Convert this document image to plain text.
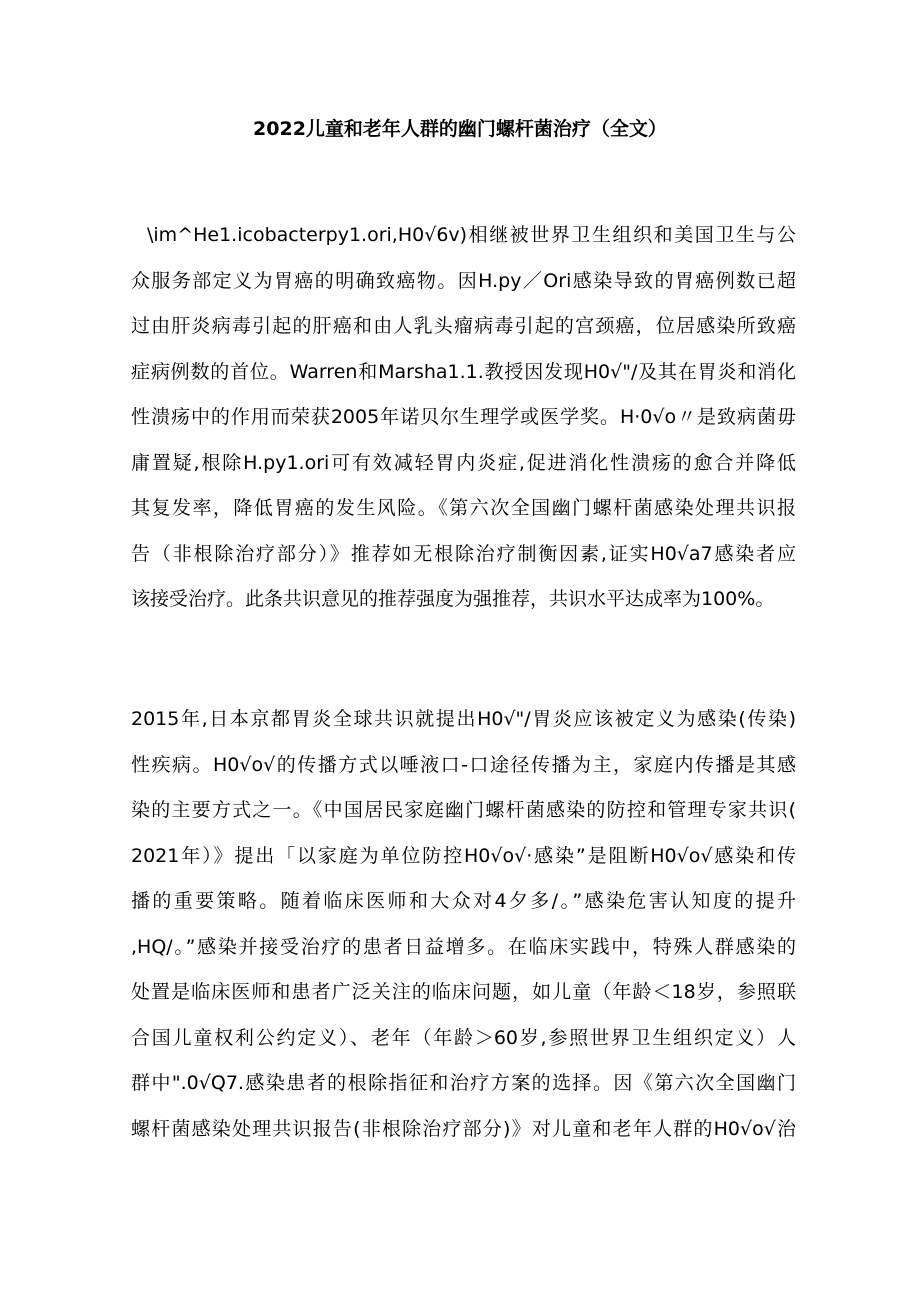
2022儿童和老年人群的幽门螺杆菌治疗（全文）
\im^He1.icobacterpy1.ori,H0√6v)相继被世界卫生组织和美国卫生与公
众服务部定义为胃癌的明确致癌物。因H.py／Ori感染导致的胃癌例数已超
过由肝炎病毒引起的肝癌和由人乳头瘤病毒引起的宫颈癌，位居感染所致癌
症病例数的首位。Warren和Marsha1.1.教授因发现H0√"/及其在胃炎和消化
性溃疡中的作用而荣获2005年诺贝尔生理学或医学奖。H·0√o〃是致病菌毋
庸置疑,根除H.py1.ori可有效减轻胃内炎症,促进消化性溃疡的愈合并降低
其复发率，降低胃癌的发生风险。《第六次全国幽门螺杆菌感染处理共识报
告（非根除治疗部分）》推荐如无根除治疗制衡因素,证实H0√a7感染者应
该接受治疗。此条共识意见的推荐强度为强推荐，共识水平达成率为100%。
2015年,日本京都胃炎全球共识就提出H0√"/胃炎应该被定义为感染(传染)
性疾病。H0√o√的传播方式以唾液口-口途径传播为主，家庭内传播是其感
染的主要方式之一。《中国居民家庭幽门螺杆菌感染的防控和管理专家共识(
2021年）》提出「以家庭为单位防控H0√o√·感染”是阻断H0√o√感染和传
播的重要策略。随着临床医师和大众对4夕多/。”感染危害认知度的提升
,HQ/。”感染并接受治疗的患者日益增多。在临床实践中，特殊人群感染的
处置是临床医师和患者广泛关注的临床问题，如儿童（年龄＜18岁，参照联
合国儿童权利公约定义）、老年（年龄＞60岁,参照世界卫生组织定义）人
群中".0√Q7.感染患者的根除指征和治疗方案的选择。因《第六次全国幽门
螺杆菌感染处理共识报告(非根除治疗部分)》对儿童和老年人群的H0√o√治
